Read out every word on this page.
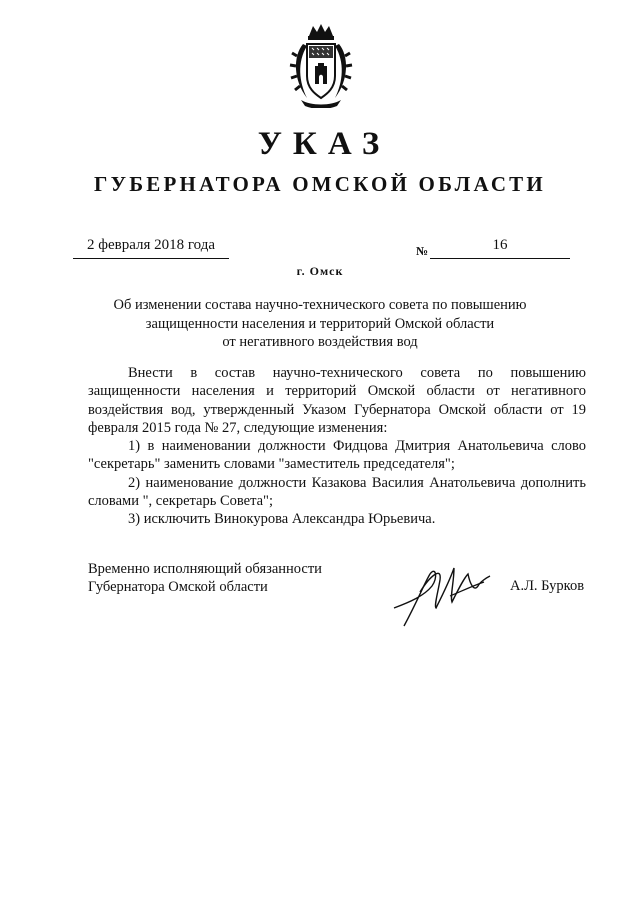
УКАЗ
ГУБЕРНАТОРА ОМСКОЙ ОБЛАСТИ
2 февраля 2018 года	№	16
г. Омск
Об изменении состава научно-технического совета по повышению
защищенности населения и территорий Омской области
от негативного воздействия вод

Внести в состав научно-технического совета по повышению защищенности населения и территорий Омской области от негативного воздействия вод, утвержденный Указом Губернатора Омской области от 19 февраля 2015 года № 27, следующие изменения:

1) в наименовании должности Фидцова Дмитрия Анатольевича слово "секретарь" заменить словами "заместитель председателя";

2) наименование должности Казакова Василия Анатольевича дополнить словами ", секретарь Совета";

3) исключить Винокурова Александра Юрьевича.

Временно исполняющий обязанности
Губернатора Омской области	А.Л. Бурков
